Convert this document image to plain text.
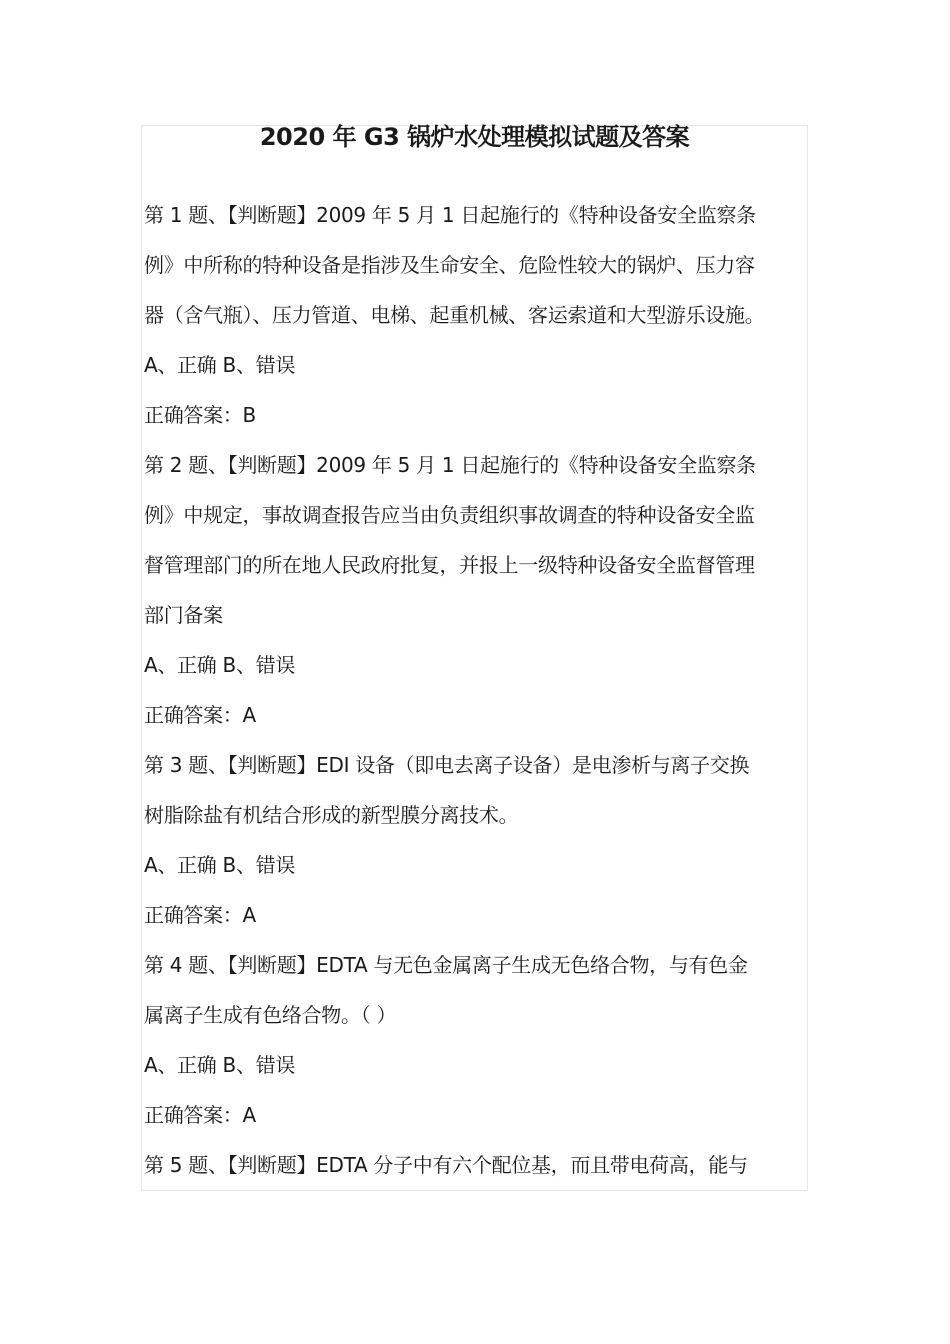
2020 年 G3 锅炉水处理模拟试题及答案
第 1 题、【判断题】2009 年 5 月 1 日起施行的《特种设备安全监察条
例》中所称的特种设备是指涉及生命安全、危险性较大的锅炉、压力容
器（含气瓶）、压力管道、电梯、起重机械、客运索道和大型游乐设施。
A、正确 B、错误
正确答案：B
第 2 题、【判断题】2009 年 5 月 1 日起施行的《特种设备安全监察条
例》中规定，事故调查报告应当由负责组织事故调查的特种设备安全监
督管理部门的所在地人民政府批复，并报上一级特种设备安全监督管理
部门备案
A、正确 B、错误
正确答案：A
第 3 题、【判断题】EDI 设备（即电去离子设备）是电渗析与离子交换
树脂除盐有机结合形成的新型膜分离技术。
A、正确 B、错误
正确答案：A
第 4 题、【判断题】EDTA 与无色金属离子生成无色络合物，与有色金
属离子生成有色络合物。（ ）
A、正确 B、错误
正确答案：A
第 5 题、【判断题】EDTA 分子中有六个配位基，而且带电荷高，能与
